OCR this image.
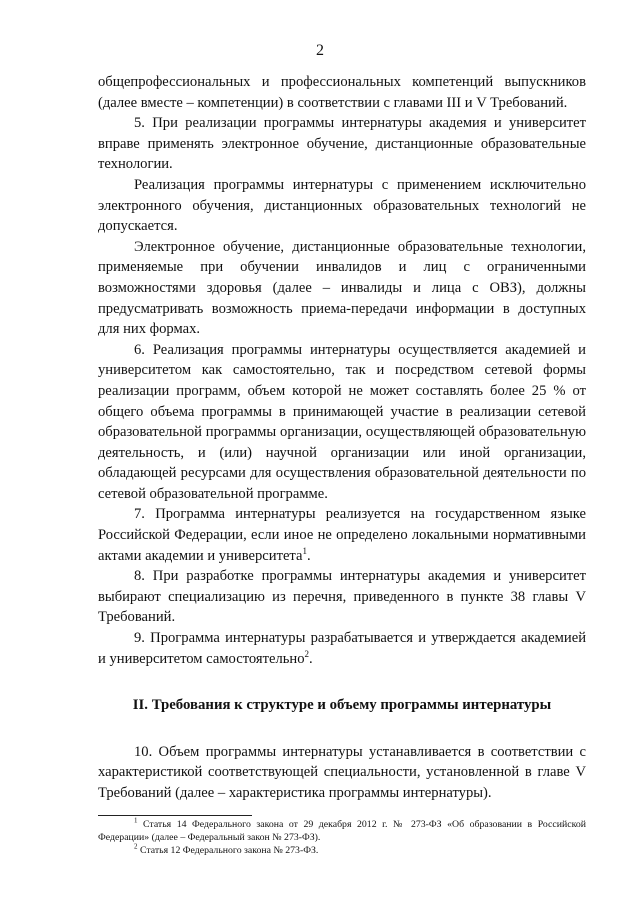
2

общепрофессиональных и профессиональных компетенций выпускников (далее вместе – компетенции) в соответствии с главами III и V Требований.

5. При реализации программы интернатуры академия и университет вправе применять электронное обучение, дистанционные образовательные технологии.

Реализация программы интернатуры с применением исключительно электронного обучения, дистанционных образовательных технологий не допускается.

Электронное обучение, дистанционные образовательные технологии, применяемые при обучении инвалидов и лиц с ограниченными возможностями здоровья (далее – инвалиды и лица с ОВЗ), должны предусматривать возможность приема-передачи информации в доступных для них формах.

6. Реализация программы интернатуры осуществляется академией и университетом как самостоятельно, так и посредством сетевой формы реализации программ, объем которой не может составлять более 25 % от общего объема программы в принимающей участие в реализации сетевой образовательной программы организации, осуществляющей образовательную деятельность, и (или) научной организации или иной организации, обладающей ресурсами для осуществления образовательной деятельности по сетевой образовательной программе.

7. Программа интернатуры реализуется на государственном языке Российской Федерации, если иное не определено локальными нормативными актами академии и университета$^1$.

8. При разработке программы интернатуры академия и университет выбирают специализацию из перечня, приведенного в пункте 38 главы V Требований.

9. Программа интернатуры разрабатывается и утверждается академией и университетом самостоятельно$^2$.

II. Требования к структуре и объему программы интернатуры

10. Объем программы интернатуры устанавливается в соответствии с характеристикой соответствующей специальности, установленной в главе V Требований (далее – характеристика программы интернатуры).

$^1$ Статья 14 Федерального закона от 29 декабря 2012 г. № 273-ФЗ «Об образовании в Российской Федерации» (далее – Федеральный закон № 273-ФЗ).

$^2$ Статья 12 Федерального закона № 273-ФЗ.
